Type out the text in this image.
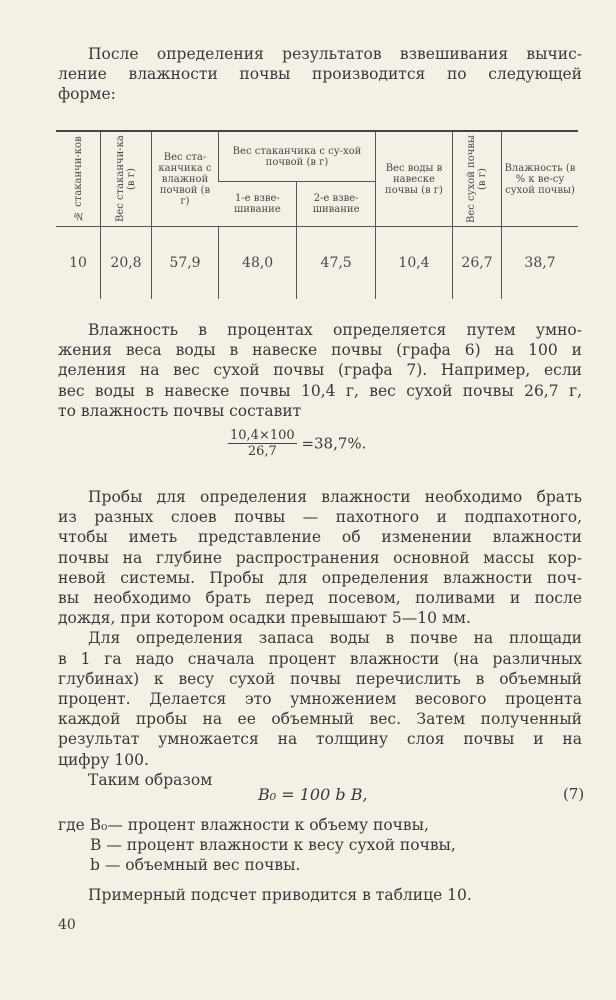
После определения результатов взвешивания вычис-
ление влажности почвы производится по следующей
форме:
№ стаканчи-ков	Вес стаканчи-ка (в г)	Вес ста-канчика с влажной почвой (в г)	Вес стаканчика с су-хой почвой (в г)		Вес воды в навеске почвы (в г)	Вес сухой почвы (в г)	Влажность (в % к ве-су сухой почвы)
			1-е взве-шивание	2-е взве-шивание			
10	20,8	57,9	48,0	47,5	10,4	26,7	38,7
Влажность в процентах определяется путем умно-
жения веса воды в навеске почвы (графа 6) на 100 и
деления на вес сухой почвы (графа 7). Например, если
вес воды в навеске почвы 10,4 г, вес сухой почвы 26,7 г,
то влажность почвы составит
$\frac{10,4\times 100}{26,7} =38,7\%$.
Пробы для определения влажности необходимо брать
из разных слоев почвы — пахотного и подпахотного,
чтобы иметь представление об изменении влажности
почвы на глубине распространения основной массы кор-
невой системы. Пробы для определения влажности поч-
вы необходимо брать перед посевом, поливами и после
дождя, при котором осадки превышают 5—10 мм.
Для определения запаса воды в почве на площади
в 1 га надо сначала процент влажности (на различных
глубинах) к весу сухой почвы перечислить в объемный
процент. Делается это умножением весового процента
каждой пробы на ее объемный вес. Затем полученный
результат умножается на толщину слоя почвы и на
цифру 100.
Таким образом
B₀ = 100 b B,	(7)
где B₀— процент влажности к объему почвы,
B — процент влажности к весу сухой почвы,
b — объемный вес почвы.
Примерный подсчет приводится в таблице 10.
40
